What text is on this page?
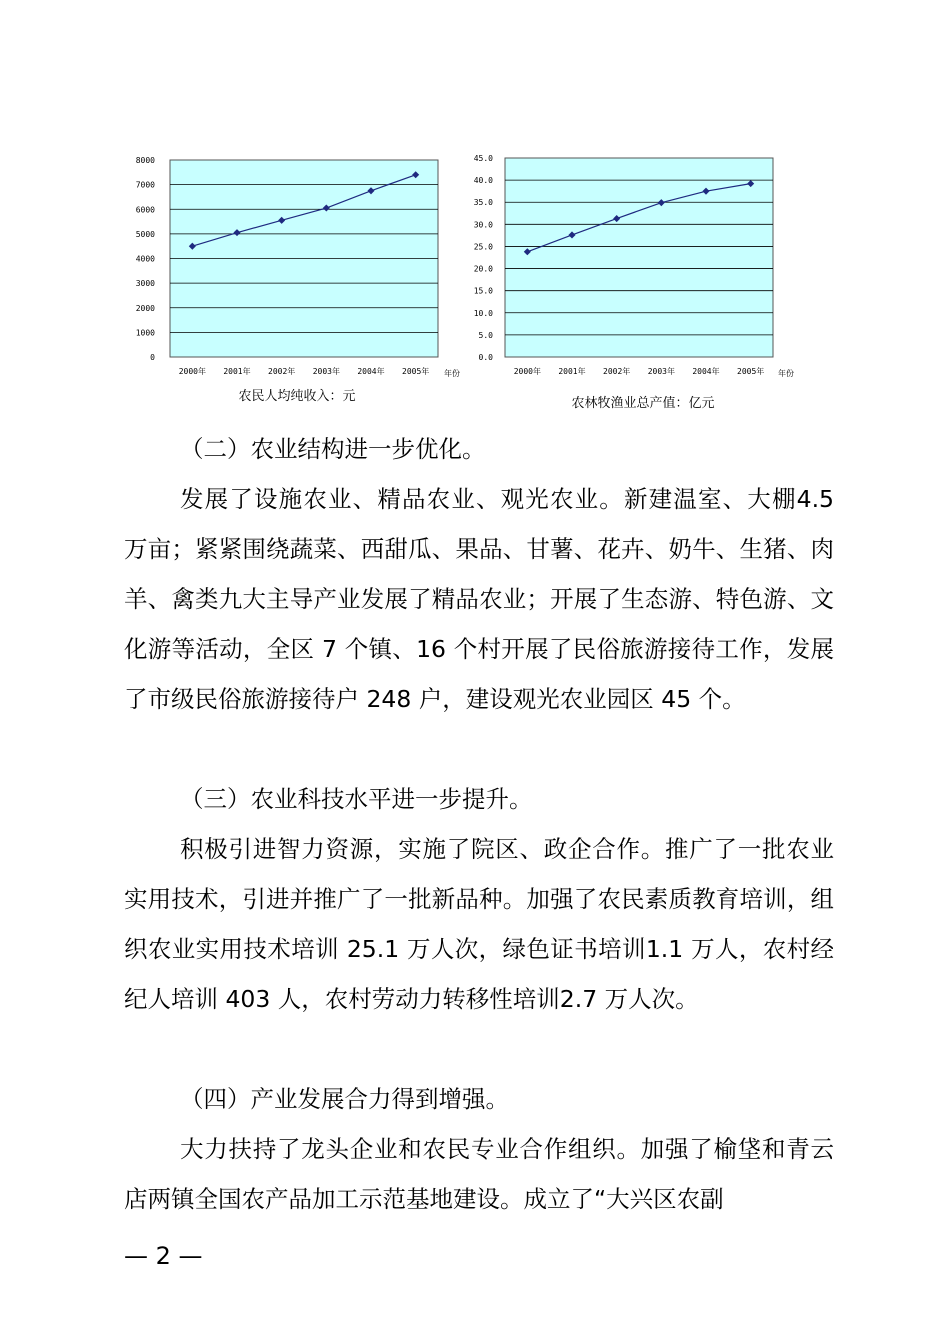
8000
7000
6000
5000
4000
3000
2000
1000
0
2000年 2001年 2002年 2003年 2004年 2005年 年份
农民人均纯收入：元
45.0
40.0
35.0
30.0
25.0
20.0
15.0
10.0
5.0
0.0
2000年 2001年 2002年 2003年 2004年 2005年 年份
农林牧渔业总产值：亿元

（二）农业结构进一步优化。

发展了设施农业、精品农业、观光农业。新建温室、大棚4.5 万亩；紧紧围绕蔬菜、西甜瓜、果品、甘薯、花卉、奶牛、生猪、肉羊、禽类九大主导产业发展了精品农业；开展了生态游、特色游、文化游等活动，全区 7 个镇、16 个村开展了民俗旅游接待工作，发展了市级民俗旅游接待户 248 户，建设观光农业园区 45 个。

（三）农业科技水平进一步提升。

积极引进智力资源，实施了院区、政企合作。推广了一批农业实用技术，引进并推广了一批新品种。加强了农民素质教育培训，组织农业实用技术培训 25.1 万人次，绿色证书培训1.1 万人，农村经纪人培训 403 人，农村劳动力转移性培训2.7 万人次。

（四）产业发展合力得到增强。

大力扶持了龙头企业和农民专业合作组织。加强了榆垡和青云店两镇全国农产品加工示范基地建设。成立了“大兴区农副

— 2 —
